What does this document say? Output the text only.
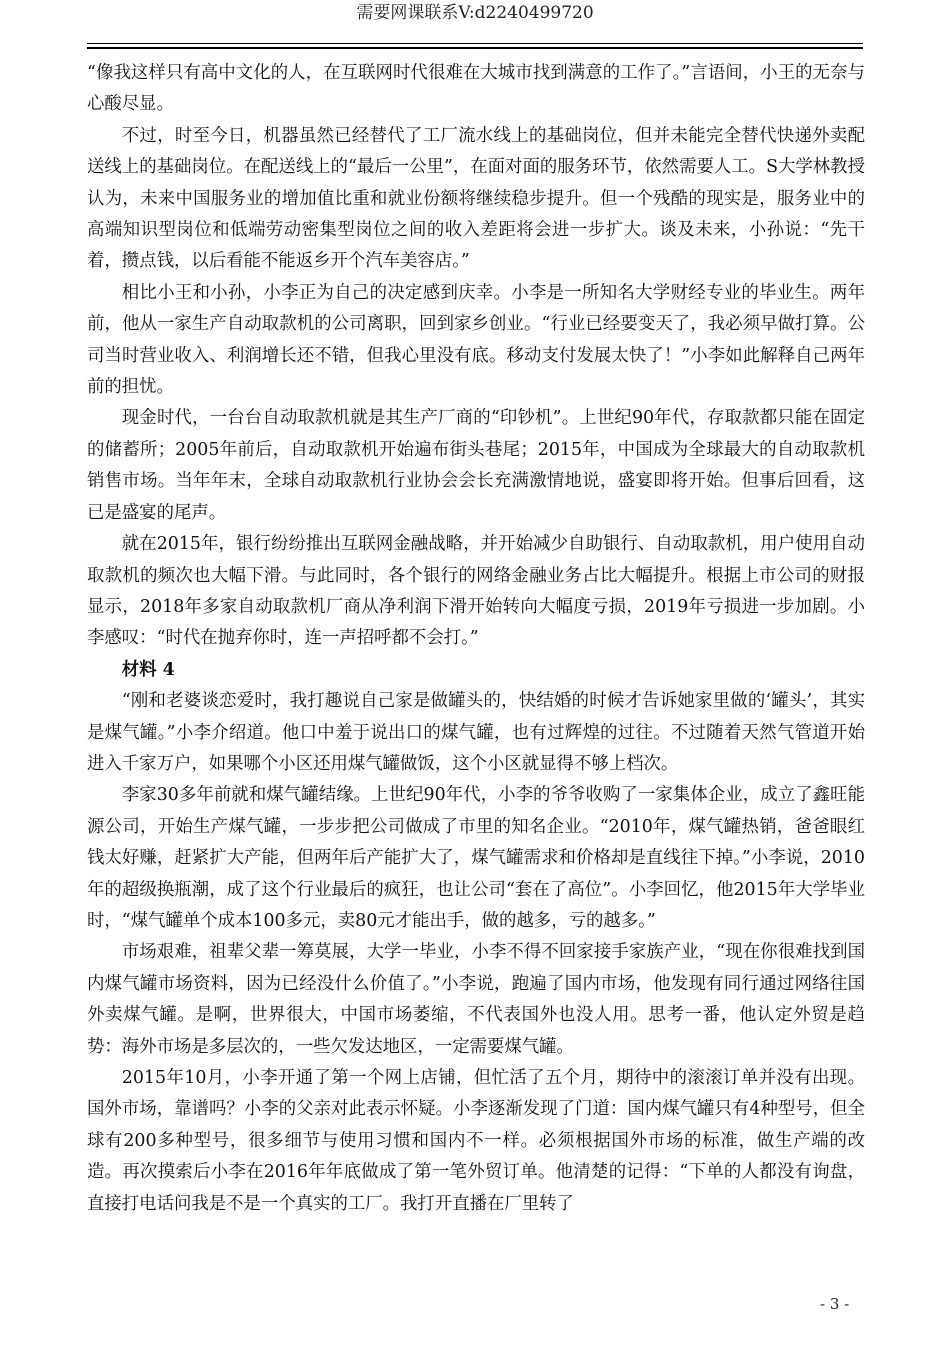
需要网课联系V:d2240499720

“像我这样只有高中文化的人，在互联网时代很难在大城市找到满意的工作了。”言语间，小王的无奈与心酸尽显。

不过，时至今日，机器虽然已经替代了工厂流水线上的基础岗位，但并未能完全替代快递外卖配送线上的基础岗位。在配送线上的“最后一公里”，在面对面的服务环节，依然需要人工。S大学林教授认为，未来中国服务业的增加值比重和就业份额将继续稳步提升。但一个残酷的现实是，服务业中的高端知识型岗位和低端劳动密集型岗位之间的收入差距将会进一步扩大。谈及未来，小孙说：“先干着，攒点钱，以后看能不能返乡开个汽车美容店。”

相比小王和小孙，小李正为自己的决定感到庆幸。小李是一所知名大学财经专业的毕业生。两年前，他从一家生产自动取款机的公司离职，回到家乡创业。“行业已经要变天了，我必须早做打算。公司当时营业收入、利润增长还不错，但我心里没有底。移动支付发展太快了！”小李如此解释自己两年前的担忧。

现金时代，一台台自动取款机就是其生产厂商的“印钞机”。上世纪90年代，存取款都只能在固定的储蓄所；2005年前后，自动取款机开始遍布街头巷尾；2015年，中国成为全球最大的自动取款机销售市场。当年年末，全球自动取款机行业协会会长充满激情地说，盛宴即将开始。但事后回看，这已是盛宴的尾声。

就在2015年，银行纷纷推出互联网金融战略，并开始减少自助银行、自动取款机，用户使用自动取款机的频次也大幅下滑。与此同时，各个银行的网络金融业务占比大幅提升。根据上市公司的财报显示，2018年多家自动取款机厂商从净利润下滑开始转向大幅度亏损，2019年亏损进一步加剧。小李感叹：“时代在抛弃你时，连一声招呼都不会打。”

材料 4

“刚和老婆谈恋爱时，我打趣说自己家是做罐头的，快结婚的时候才告诉她家里做的‘罐头’，其实是煤气罐。”小李介绍道。他口中羞于说出口的煤气罐，也有过辉煌的过往。不过随着天然气管道开始进入千家万户，如果哪个小区还用煤气罐做饭，这个小区就显得不够上档次。

李家30多年前就和煤气罐结缘。上世纪90年代，小李的爷爷收购了一家集体企业，成立了鑫旺能源公司，开始生产煤气罐，一步步把公司做成了市里的知名企业。“2010年，煤气罐热销，爸爸眼红钱太好赚，赶紧扩大产能，但两年后产能扩大了，煤气罐需求和价格却是直线往下掉。”小李说，2010年的超级换瓶潮，成了这个行业最后的疯狂，也让公司“套在了高位”。小李回忆，他2015年大学毕业时，“煤气罐单个成本100多元，卖80元才能出手，做的越多，亏的越多。”

市场艰难，祖辈父辈一筹莫展，大学一毕业，小李不得不回家接手家族产业，“现在你很难找到国内煤气罐市场资料，因为已经没什么价值了。”小李说，跑遍了国内市场，他发现有同行通过网络往国外卖煤气罐。是啊，世界很大，中国市场萎缩，不代表国外也没人用。思考一番，他认定外贸是趋势：海外市场是多层次的，一些欠发达地区，一定需要煤气罐。

2015年10月，小李开通了第一个网上店铺，但忙活了五个月，期待中的滚滚订单并没有出现。国外市场，靠谱吗？小李的父亲对此表示怀疑。小李逐渐发现了门道：国内煤气罐只有4种型号，但全球有200多种型号，很多细节与使用习惯和国内不一样。必须根据国外市场的标准，做生产端的改造。再次摸索后小李在2016年年底做成了第一笔外贸订单。他清楚的记得：“下单的人都没有询盘，直接打电话问我是不是一个真实的工厂。我打开直播在厂里转了

- 3 -
